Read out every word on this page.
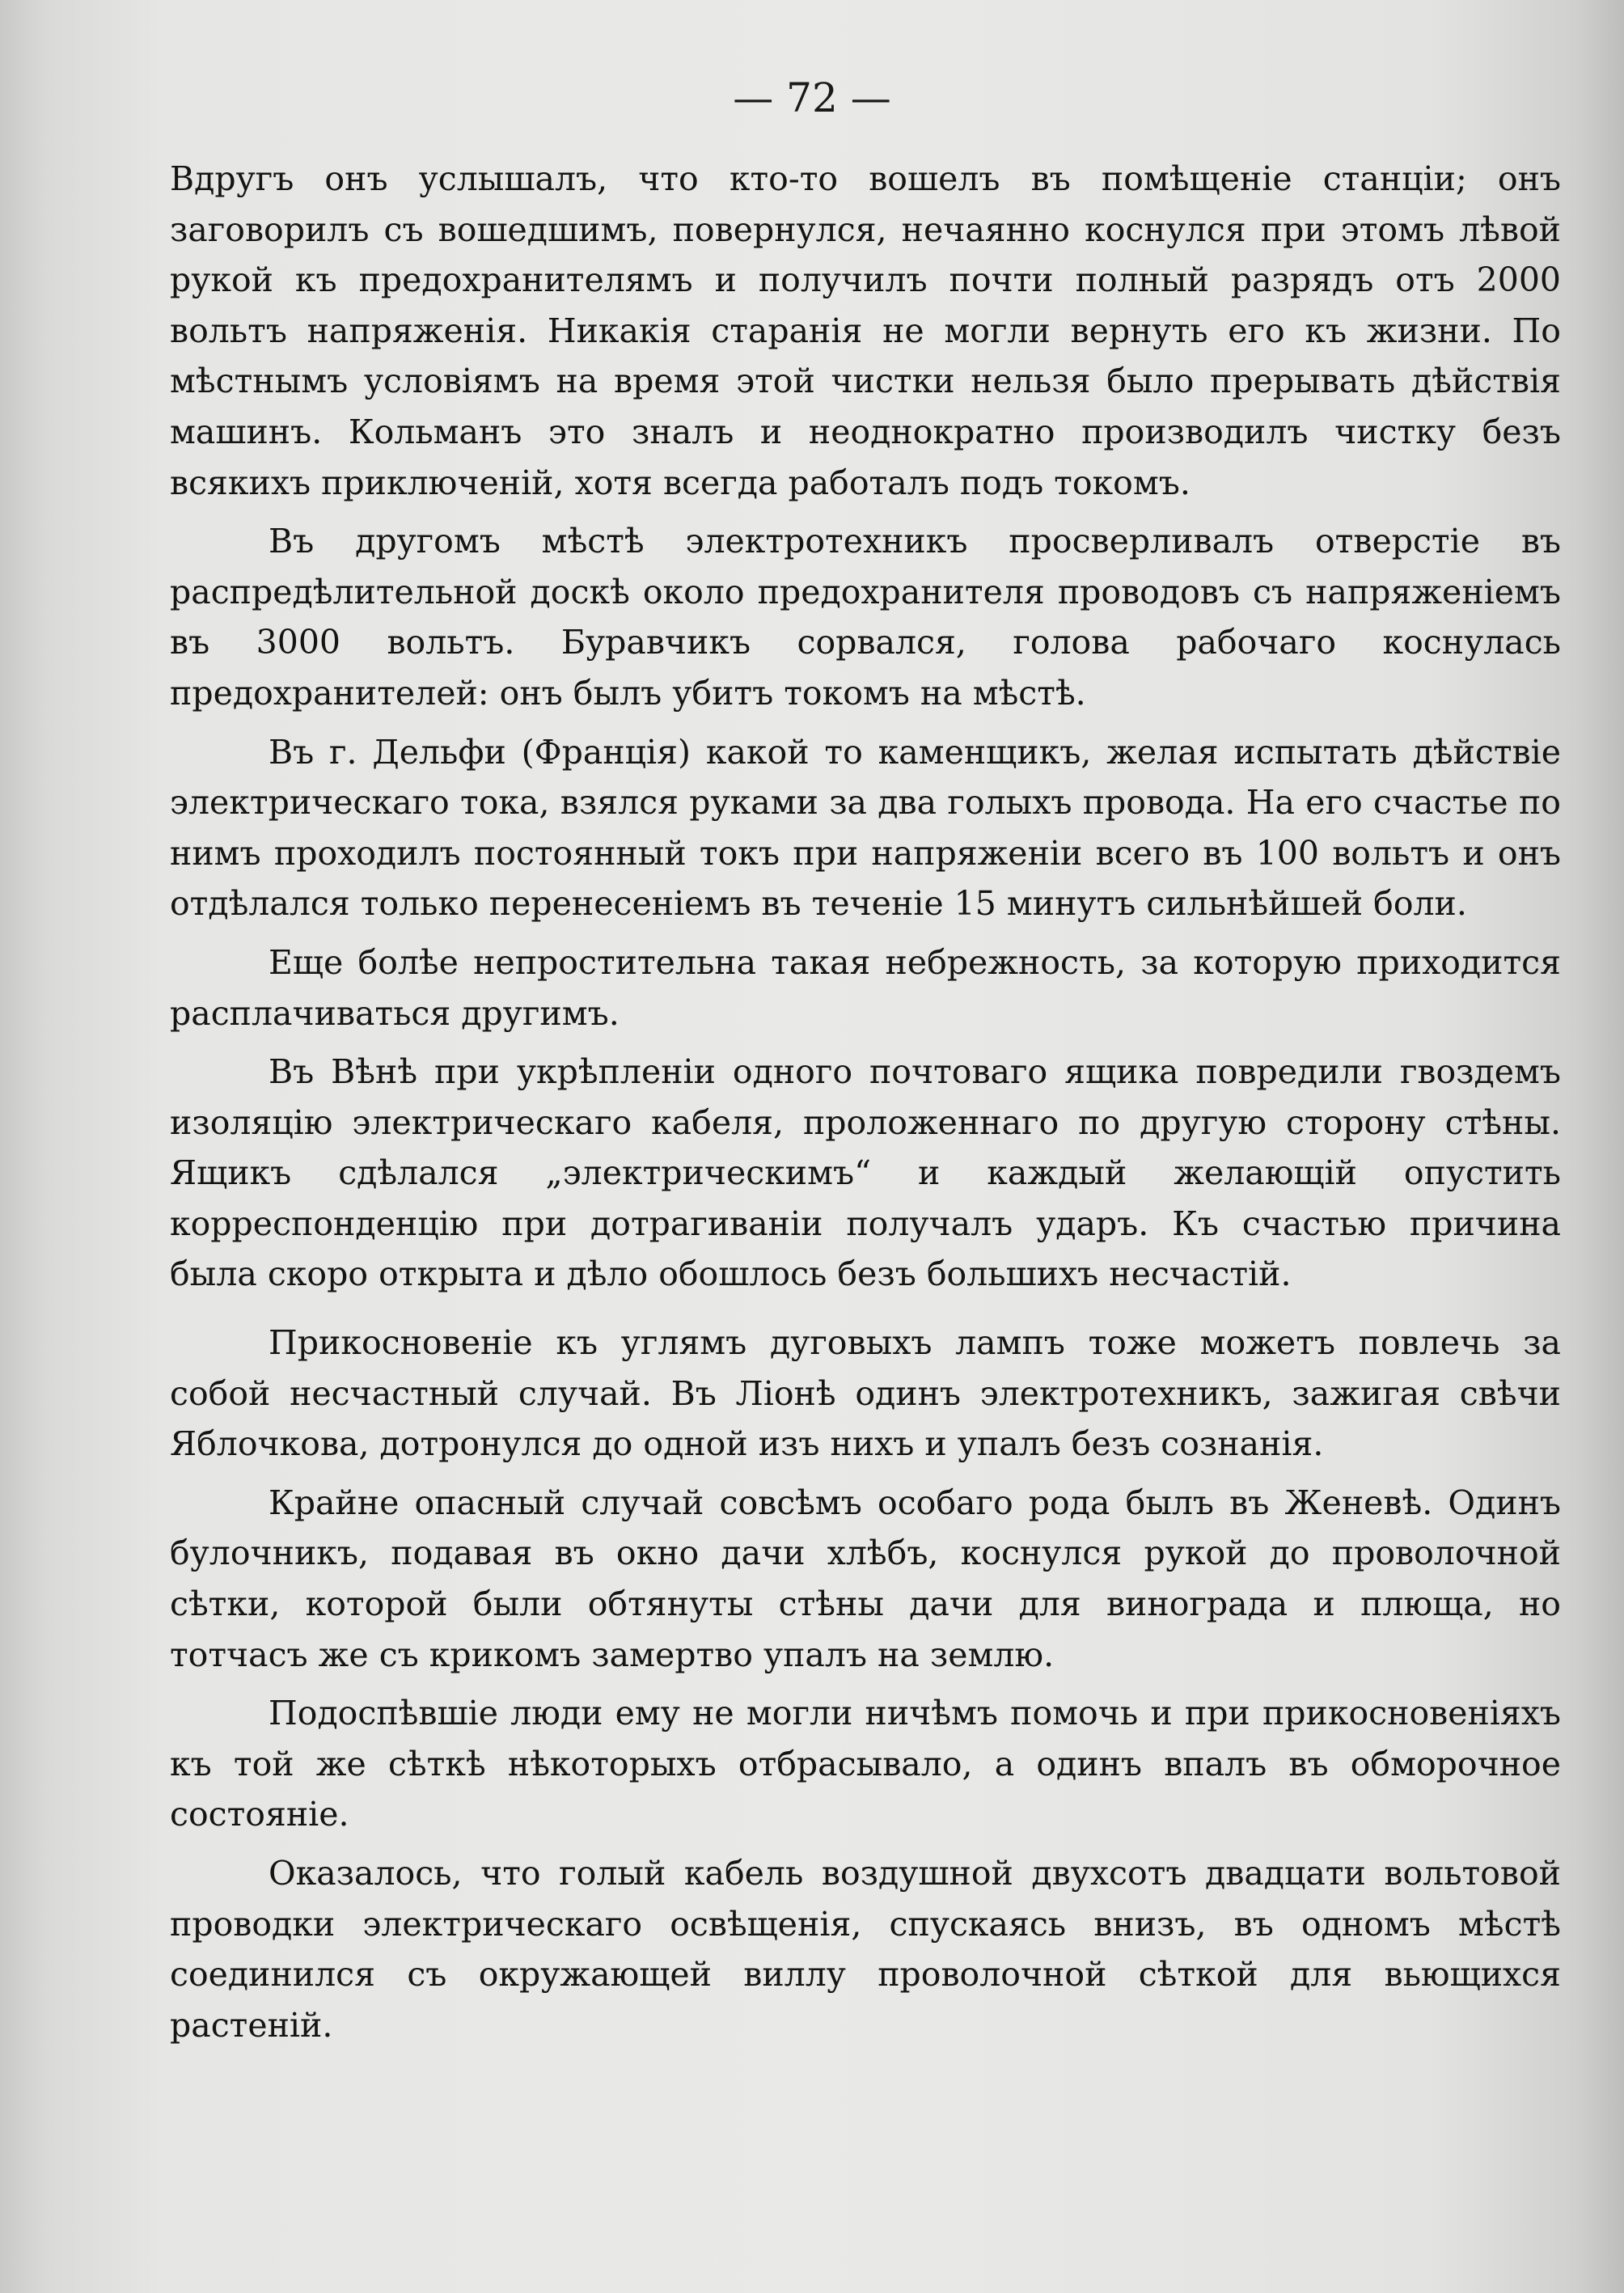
— 72 —

Вдругъ онъ услышалъ, что кто-то вошелъ въ помѣщеніе станціи; онъ заговорилъ съ вошедшимъ, повернулся, нечаянно коснулся при этомъ лѣвой рукой къ предохранителямъ и получилъ почти полный разрядъ отъ 2000 вольтъ напряженія. Никакія старанія не могли вернуть его къ жизни. По мѣстнымъ условіямъ на время этой чистки нельзя было прерывать дѣйствія машинъ. Кольманъ это зналъ и неоднократно производилъ чистку безъ всякихъ приключеній, хотя всегда работалъ подъ токомъ.

Въ другомъ мѣстѣ электротехникъ просверливалъ отверстіе въ распредѣлительной доскѣ около предохранителя проводовъ съ напряженіемъ въ 3000 вольтъ. Буравчикъ сорвался, голова рабочаго коснулась предохранителей: онъ былъ убитъ токомъ на мѣстѣ.

Въ г. Дельфи (Франція) какой то каменщикъ, желая испытать дѣйствіе электрическаго тока, взялся руками за два голыхъ провода. На его счастье по нимъ проходилъ постоянный токъ при напряженіи всего въ 100 вольтъ и онъ отдѣлался только перенесеніемъ въ теченіе 15 минутъ сильнѣйшей боли.

Еще болѣе непростительна такая небрежность, за которую приходится расплачиваться другимъ.

Въ Вѣнѣ при укрѣпленіи одного почтоваго ящика повредили гвоздемъ изоляцію электрическаго кабеля, проложеннаго по другую сторону стѣны. Ящикъ сдѣлался „электрическимъ“ и каждый желающій опустить корреспонденцію при дотрагиваніи получалъ ударъ. Къ счастью причина была скоро открыта и дѣло обошлось безъ большихъ несчастій.

Прикосновеніе къ углямъ дуговыхъ лампъ тоже можетъ повлечь за собой несчастный случай. Въ Ліонѣ одинъ электротехникъ, зажигая свѣчи Яблочкова, дотронулся до одной изъ нихъ и упалъ безъ сознанія.

Крайне опасный случай совсѣмъ особаго рода былъ въ Женевѣ. Одинъ булочникъ, подавая въ окно дачи хлѣбъ, коснулся рукой до проволочной сѣтки, которой были обтянуты стѣны дачи для винограда и плюща, но тотчасъ же съ крикомъ замертво упалъ на землю.

Подоспѣвшіе люди ему не могли ничѣмъ помочь и при прикосновеніяхъ къ той же сѣткѣ нѣкоторыхъ отбрасывало, а одинъ впалъ въ обморочное состояніе.

Оказалось, что голый кабель воздушной двухсотъ двадцати вольтовой проводки электрическаго освѣщенія, спускаясь внизъ, въ одномъ мѣстѣ соединился съ окружающей виллу проволочной сѣткой для вьющихся растеній.
